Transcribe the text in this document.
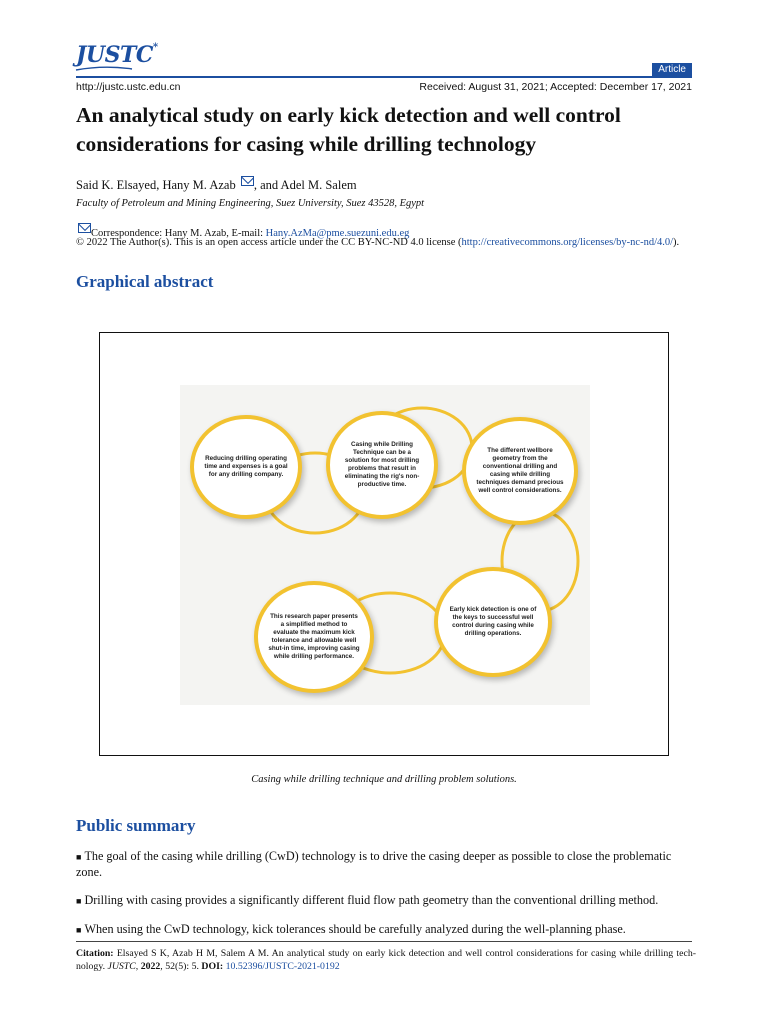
JUSTC*
Article
http://justc.ustc.edu.cn	Received: August 31, 2021; Accepted: December 17, 2021
An analytical study on early kick detection and well control considerations for casing while drilling technology
Said K. Elsayed, Hany M. Azab , and Adel M. Salem
Faculty of Petroleum and Mining Engineering, Suez University, Suez 43528, Egypt
Correspondence: Hany M. Azab, E-mail: Hany.AzMa@pme.suezuni.edu.eg
© 2022 The Author(s). This is an open access article under the CC BY-NC-ND 4.0 license (http://creativecommons.org/licenses/by-nc-nd/4.0/).
Graphical abstract
Reducing drilling operating time and expenses is a goal for any drilling company.
Casing while Drilling Technique can be a solution for most drilling problems that result in eliminating the rig's non-productive time.
The different wellbore geometry from the conventional drilling and casing while drilling techniques demand precious well control considerations.
Early kick detection is one of the keys to successful well control during casing while drilling operations.
This research paper presents a simplified method to evaluate the maximum kick tolerance and allowable well shut-in time, improving casing while drilling performance.
Casing while drilling technique and drilling problem solutions.
Public summary
■ The goal of the casing while drilling (CwD) technology is to drive the casing deeper as possible to close the problematic zone.
■ Drilling with casing provides a significantly different fluid flow path geometry than the conventional drilling method.
■ When using the CwD technology, kick tolerances should be carefully analyzed during the well-planning phase.
Citation: Elsayed S K, Azab H M, Salem A M. An analytical study on early kick detection and well control considerations for casing while drilling tech-nology. JUSTC, 2022, 52(5): 5. DOI: 10.52396/JUSTC-2021-0192
